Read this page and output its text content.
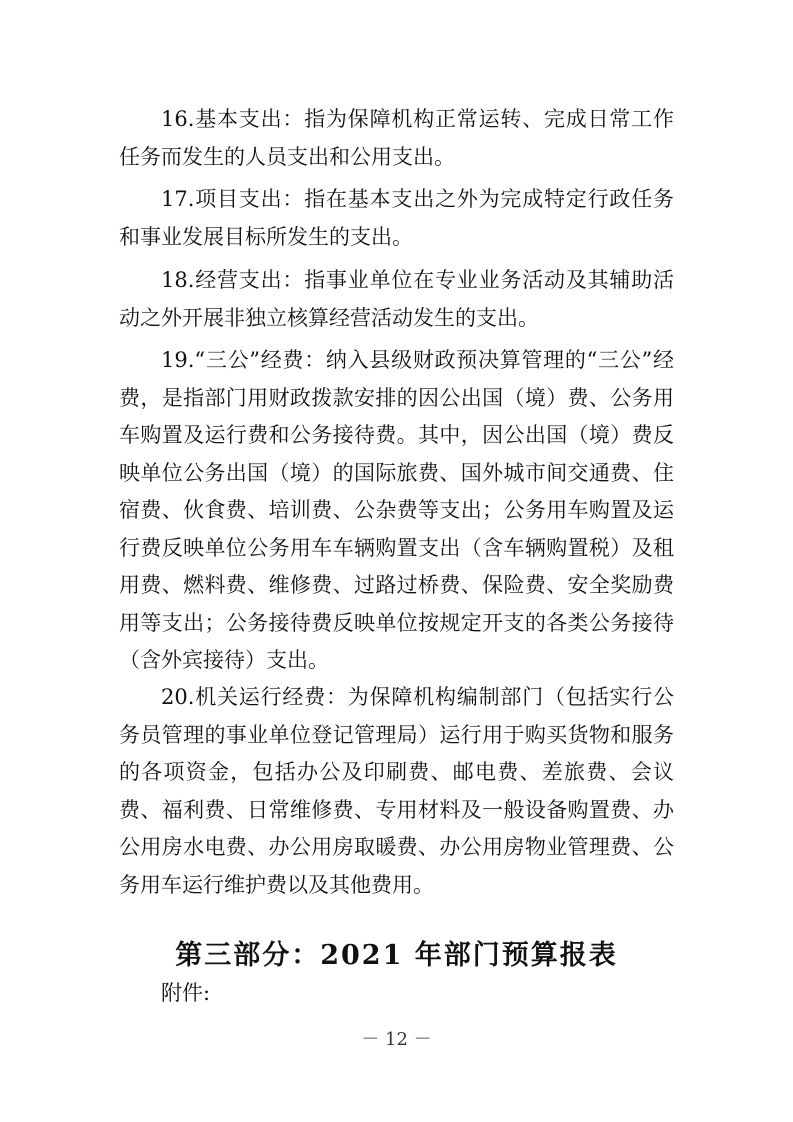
16.基本支出：指为保障机构正常运转、完成日常工作任务而发生的人员支出和公用支出。

17.项目支出：指在基本支出之外为完成特定行政任务和事业发展目标所发生的支出。

18.经营支出：指事业单位在专业业务活动及其辅助活动之外开展非独立核算经营活动发生的支出。

19.“三公”经费：纳入县级财政预决算管理的“三公”经费，是指部门用财政拨款安排的因公出国（境）费、公务用车购置及运行费和公务接待费。其中，因公出国（境）费反映单位公务出国（境）的国际旅费、国外城市间交通费、住宿费、伙食费、培训费、公杂费等支出；公务用车购置及运行费反映单位公务用车车辆购置支出（含车辆购置税）及租用费、燃料费、维修费、过路过桥费、保险费、安全奖励费用等支出；公务接待费反映单位按规定开支的各类公务接待（含外宾接待）支出。

20.机关运行经费：为保障机构编制部门（包括实行公务员管理的事业单位登记管理局）运行用于购买货物和服务的各项资金，包括办公及印刷费、邮电费、差旅费、会议费、福利费、日常维修费、专用材料及一般设备购置费、办公用房水电费、办公用房取暖费、办公用房物业管理费、公务用车运行维护费以及其他费用。

第三部分：2021 年部门预算报表

附件:

－ 12 －
